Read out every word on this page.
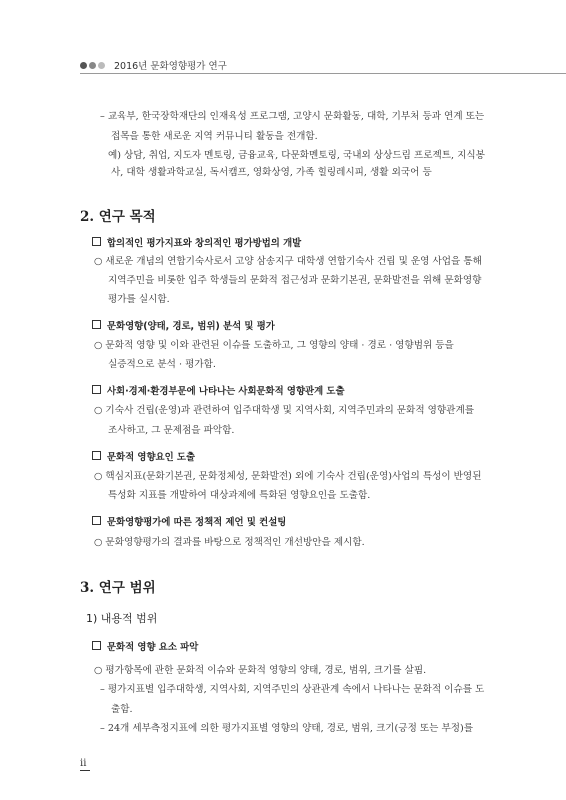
2016년 문화영향평가 연구
– 교육부, 한국장학재단의 인재육성 프로그램, 고양시 문화활동, 대학, 기부처 등과 연계 또는
접목을 통한 새로운 지역 커뮤니티 활동을 전개함.
예) 상담, 취업, 지도자 멘토링, 금융교육, 다문화멘토링, 국내외 상상드림 프로젝트, 지식봉
사, 대학 생활과학교실, 독서캠프, 영화상영, 가족 힐링레시피, 생활 외국어 등
2. 연구 목적
합의적인 평가지표와 창의적인 평가방법의 개발
○ 새로운 개념의 연합기숙사로서 고양 삼송지구 대학생 연합기숙사 건립 및 운영 사업을 통해
지역주민을 비롯한 입주 학생들의 문화적 접근성과 문화기본권, 문화발전을 위해 문화영향
평가를 실시함.
문화영향(양태, 경로, 범위) 분석 및 평가
○ 문화적 영향 및 이와 관련된 이슈를 도출하고, 그 영향의 양태 · 경로 · 영향범위 등을
실증적으로 분석 · 평가함.
사회·경제·환경부문에 나타나는 사회문화적 영향관계 도출
○ 기숙사 건립(운영)과 관련하여 입주대학생 및 지역사회, 지역주민과의 문화적 영향관계를
조사하고, 그 문제점을 파악함.
문화적 영향요인 도출
○ 핵심지표(문화기본권, 문화정체성, 문화발전) 외에 기숙사 건립(운영)사업의 특성이 반영된
특성화 지표를 개발하여 대상과제에 특화된 영향요인을 도출함.
문화영향평가에 따른 정책적 제언 및 컨설팅
○ 문화영향평가의 결과를 바탕으로 정책적인 개선방안을 제시함.
3. 연구 범위
1) 내용적 범위
문화적 영향 요소 파악
○ 평가항목에 관한 문화적 이슈와 문화적 영향의 양태, 경로, 범위, 크기를 살핌.
– 평가지표별 입주대학생, 지역사회, 지역주민의 상관관계 속에서 나타나는 문화적 이슈를 도
출함.
– 24개 세부측정지표에 의한 평가지표별 영향의 양태, 경로, 범위, 크기(긍정 또는 부정)를
ii
